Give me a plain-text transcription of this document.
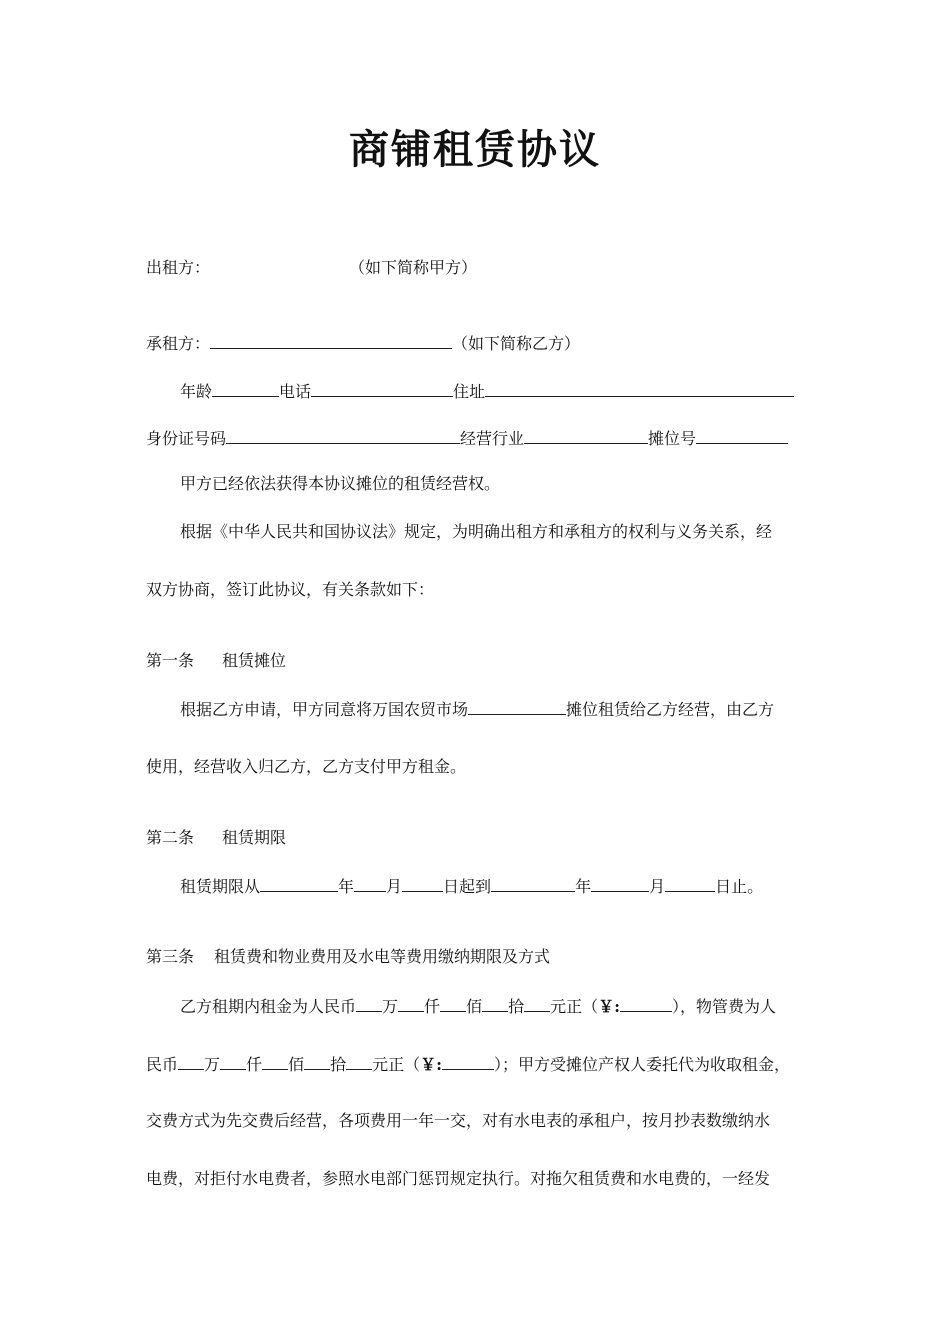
商铺租赁协议
出租方：	（如下简称甲方）
承租方：	（如下简称乙方）
年龄	电话	住址
身份证号码	经营行业	摊位号
甲方已经依法获得本协议摊位的租赁经营权。
根据《中华人民共和国协议法》规定，为明确出租方和承租方的权利与义务关系，经
双方协商，签订此协议，有关条款如下：
第一条 租赁摊位
根据乙方申请，甲方同意将万国农贸市场	摊位租赁给乙方经营，由乙方
使用，经营收入归乙方，乙方支付甲方租金。
第二条 租赁期限
租赁期限从	年 月	日起到	年	月	日止。
第三条 租赁费和物业费用及水电等费用缴纳期限及方式
乙方租期内租金为人民币 万 仟 佰 拾 元正（￥:	），物管费为人
民币 万 仟 佰 拾 元正（￥:	）；甲方受摊位产权人委托代为收取租金，
交费方式为先交费后经营，各项费用一年一交，对有水电表的承租户，按月抄表数缴纳水
电费，对拒付水电费者，参照水电部门惩罚规定执行。对拖欠租赁费和水电费的，一经发
